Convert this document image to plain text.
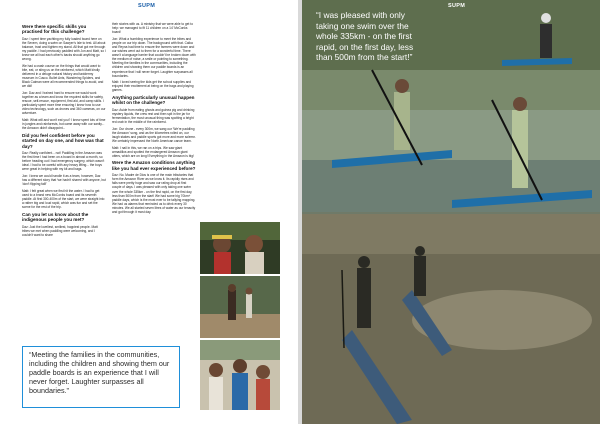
SUPM
Were there specific skills you practised for this challenge?

Daz: I spent time yachting my fully loaded board here on the Severn, doing a swim on Sawyer's Isle to test. All about balance, trust and tighten my stand. All that got me through my paddle. I had previously paddled with Jon and Matt, so I knew we all had each other's backs should anything go wrong.

We had a crash course on the things that would want to bite, eat, or sting us on the rainforest, which Matt kindly delivered in a deluge natural history and taxidermy museum in Cusco. Bullet Ants, Wandering Spiders, and Black Caiman were all recommended things to avoid, and we did!

Jon: Daz and I trained hard to ensure we would work together as a team and know the required skills for safety, rescue, self-rescue, equipment, first aid, and camp skills. I particularly spent more time ensuring I knew how to use video technology, such as drones and 360 cameras, on our adventure.

Matt: What will and won't eat you? I knew spent lots of time in jungles and rainforests, but came away with our sanity... the Amazon didn't disappoint...

Did you feel confident before you started on day one, and how was that day?

Daz: Really confident... not! Paddling in the Amazon was the first time I had been on a board in almost a month, so before heading out I had emergency surgery, which wasn't ideal. I had to be careful with any heavy lifting... the boys were great in helping with my kit and bags.

Jon: I knew we could handle it as a team, however, Daz has a different story that 'we hadn't shared with anyone, but 'don't flipping fall!'

Matt: I felt great when we first hit the water. I had to get used to a brand new McConks board and its seventh paddle. At first 300-400m of the start, we were straight into a rather big and loud rapid, which was fun and set the scene for the rest of the trip.

Can you let us know about the indigenous people you met?

Daz: Just the loveliest, smiliest, happiest people. Matt tribes we met when paddling were welcoming, and I couldn't want to share

their stories with us. A ministry that we were able to get to help: we managed to fit 11 children on a 14' McConks board!

Jon: What a humbling experience to meet the tribes and people on our trip down. The background with that. Caika and Reyna had time to ensure the farmers were down and our wishes went out to them for a wonderful time. There wasn't a language barrier that couldn't be broken down with the medium of noise, a smile or pointing to something. Meeting the families in the communities, including the children and showing them our paddle boards is an experience that I will never forget. Laughter surpasses all boundaries.

Matt: I loved seeing the kids get the school supplies and enjoyed their excitement at being on the bags and playing games.

Anything particularly unusual happen whilst on the challenge?

Daz: Aside from eating ghosts and guinea pig and drinking mystery liquids, the crew rest and then spit in the jar for fermentation, the most unusual thing was spotting a bright red crab in the middle of the rainforest.

Jon: Our drone - every 300m, we sang our 'We're paddling the Amazon' song, and as the kilometres rolled on, our laugh stakes and paddle sports got more and more solemn. We certainly impressed the North American canoe team.

Matt: I nail in this, we ran on a trips. We saw giant armadillos and spotted the endangered Amazon giant otters, which are on long! Everything in the Amazon is big!

Were the Amazon conditions anything like you had ever experienced before?

Daz: No. Madre de Dios is one of the main tributaries that form the Amazon River as we know it. Its rapidly rises and falls were pretty huge and saw our rating drop at first couple of days. I was pleased with only taking one swim over the whole 335km - on the first rapid, on the first day, less than 500m from the start! We had some big 70km+ paddle days, which is the most ever to be tallying mapping. We had us alarms that reminded us to drink every 30 minutes. We all started seven litres of water as our tenacity and got through it most day.

“Meeting the families in the communities, including the children and showing them our paddle boards is an experience that I will never forget. Laughter surpasses all boundaries.”
SUPM
“I was pleased with only taking one swim over the whole 335km - on the first rapid, on the first day, less than 500m from the start!”
